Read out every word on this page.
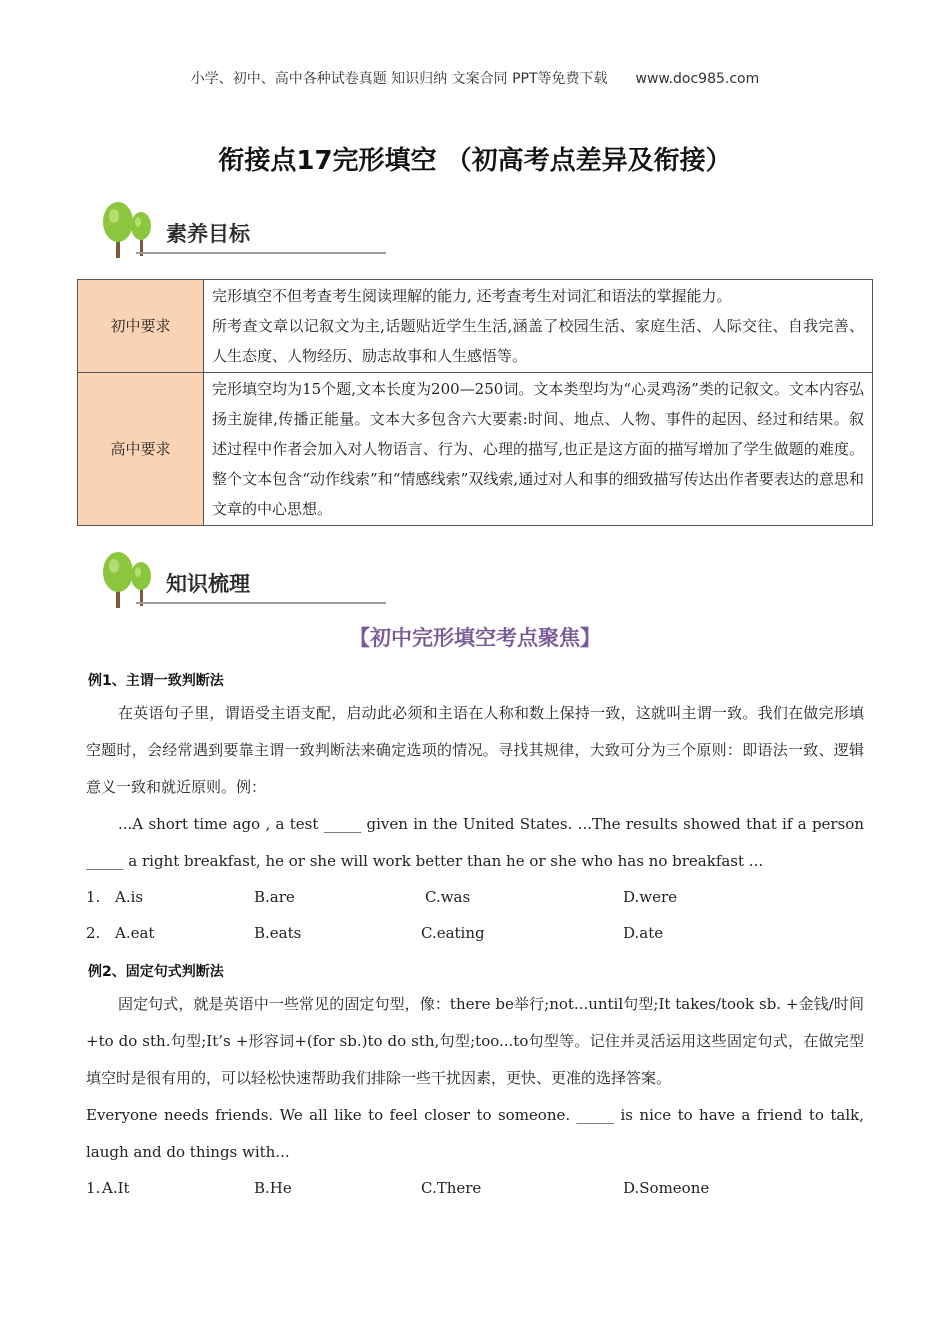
小学、初中、高中各种试卷真题 知识归纳 文案合同 PPT等免费下载 www.doc985.com
衔接点17完形填空 （初高考点差异及衔接）
素养目标
初中要求	完形填空不但考查考生阅读理解的能力, 还考查考生对词汇和语法的掌握能力。
所考查文章以记叙文为主,话题贴近学生生活,涵盖了校园生活、家庭生活、人际交往、自我完善、人生态度、人物经历、励志故事和人生感悟等。

高中要求	完形填空均为15个题,文本长度为200—250词。文本类型均为“心灵鸡汤”类的记叙文。文本内容弘扬主旋律,传播正能量。文本大多包含六大要素:时间、地点、人物、事件的起因、经过和结果。叙述过程中作者会加入对人物语言、行为、心理的描写,也正是这方面的描写增加了学生做题的难度。整个文本包含“动作线索”和“情感线索”双线索,通过对人和事的细致描写传达出作者要表达的意思和文章的中心思想。
知识梳理
【初中完形填空考点聚焦】
例1、主谓一致判断法
在英语句子里，谓语受主语支配，启动此必须和主语在人称和数上保持一致，这就叫主谓一致。我们在做完形填空题时，会经常遇到要靠主谓一致判断法来确定选项的情况。寻找其规律，大致可分为三个原则：即语法一致、逻辑意义一致和就近原则。例：
...A short time ago , a test _____ given in the United States. ...The results showed that if a person _____ a right breakfast, he or she will work better than he or she who has no breakfast ...
1. A.is	B.are	C.was	D.were
2. A.eat	B.eats	C.eating	D.ate
例2、固定句式判断法
固定句式，就是英语中一些常见的固定句型，像：there be举行;not...until句型;It takes/took sb. +金钱/时间+to do sth.句型;It’s +形容词+(for sb.)to do sth,句型;too...to句型等。记住并灵活运用这些固定句式，在做完型填空时是很有用的，可以轻松快速帮助我们排除一些干扰因素，更快、更准的选择答案。
Everyone needs friends. We all like to feel closer to someone. _____ is nice to have a friend to talk, laugh and do things with...
1. A.It	B.He	C.There	D.Someone
